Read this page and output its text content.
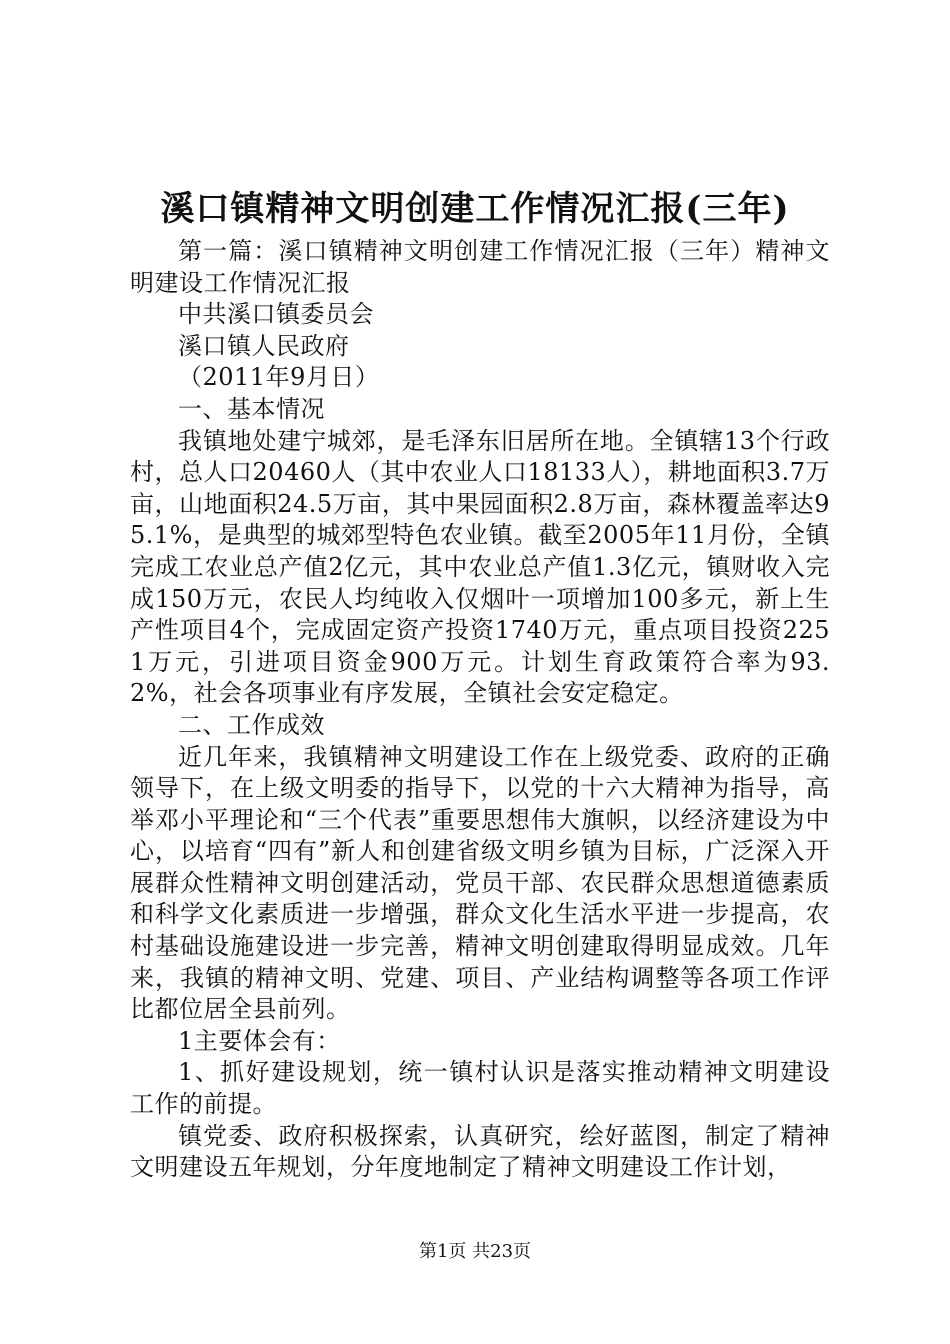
溪口镇精神文明创建工作情况汇报(三年)

第一篇：溪口镇精神文明创建工作情况汇报（三年）精神文明建设工作情况汇报

中共溪口镇委员会

溪口镇人民政府

（2011年9月日）

一、基本情况

我镇地处建宁城郊，是毛泽东旧居所在地。全镇辖13个行政村，总人口20460人（其中农业人口18133人），耕地面积3.7万亩，山地面积24.5万亩，其中果园面积2.8万亩，森林覆盖率达95.1%，是典型的城郊型特色农业镇。截至2005年11月份，全镇完成工农业总产值2亿元，其中农业总产值1.3亿元，镇财收入完成150万元，农民人均纯收入仅烟叶一项增加100多元，新上生产性项目4个，完成固定资产投资1740万元，重点项目投资2251万元，引进项目资金900万元。计划生育政策符合率为93.2%，社会各项事业有序发展，全镇社会安定稳定。

二、工作成效

近几年来，我镇精神文明建设工作在上级党委、政府的正确领导下，在上级文明委的指导下，以党的十六大精神为指导，高举邓小平理论和“三个代表”重要思想伟大旗帜，以经济建设为中心，以培育“四有”新人和创建省级文明乡镇为目标，广泛深入开展群众性精神文明创建活动，党员干部、农民群众思想道德素质和科学文化素质进一步增强，群众文化生活水平进一步提高，农村基础设施建设进一步完善，精神文明创建取得明显成效。几年来，我镇的精神文明、党建、项目、产业结构调整等各项工作评比都位居全县前列。

1主要体会有：

1、抓好建设规划，统一镇村认识是落实推动精神文明建设工作的前提。

镇党委、政府积极探索，认真研究，绘好蓝图，制定了精神文明建设五年规划，分年度地制定了精神文明建设工作计划，

第1页 共23页
